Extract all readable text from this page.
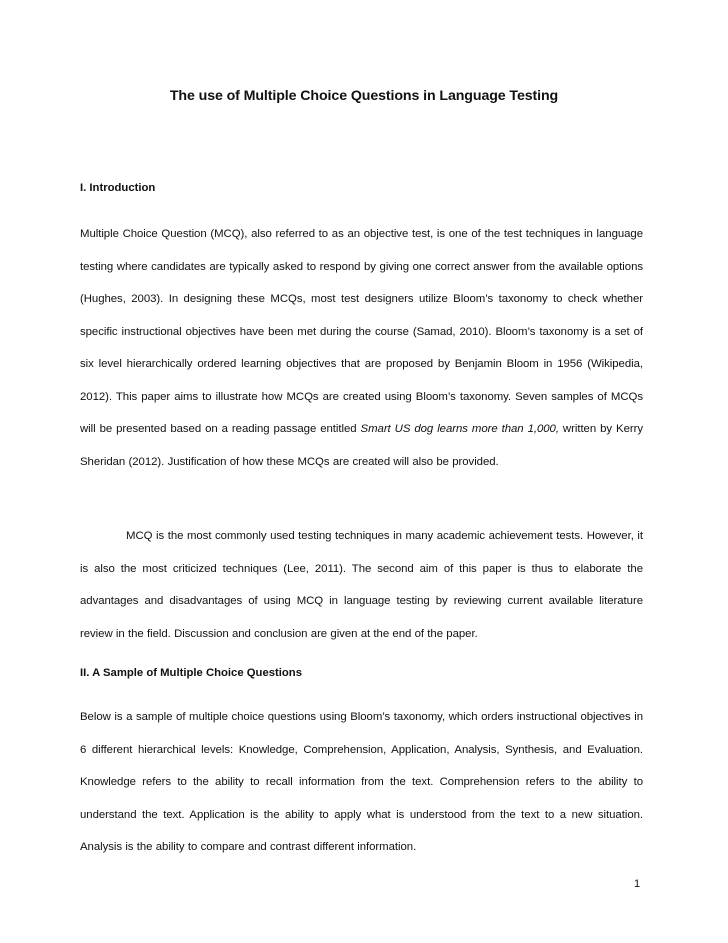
The use of Multiple Choice Questions in Language Testing
I. Introduction

Multiple Choice Question (MCQ), also referred to as an objective test, is one of the test techniques in language testing where candidates are typically asked to respond by giving one correct answer from the available options (Hughes, 2003). In designing these MCQs, most test designers utilize Bloom’s taxonomy to check whether specific instructional objectives have been met during the course (Samad, 2010). Bloom’s taxonomy is a set of six level hierarchically ordered learning objectives that are proposed by Benjamin Bloom in 1956 (Wikipedia, 2012). This paper aims to illustrate how MCQs are created using Bloom’s taxonomy. Seven samples of MCQs will be presented based on a reading passage entitled Smart US dog learns more than 1,000, written by Kerry Sheridan (2012). Justification of how these MCQs are created will also be provided.

MCQ is the most commonly used testing techniques in many academic achievement tests. However, it is also the most criticized techniques (Lee, 2011). The second aim of this paper is thus to elaborate the advantages and disadvantages of using MCQ in language testing by reviewing current available literature review in the field. Discussion and conclusion are given at the end of the paper.

II. A Sample of Multiple Choice Questions

Below is a sample of multiple choice questions using Bloom’s taxonomy, which orders instructional objectives in 6 different hierarchical levels: Knowledge, Comprehension, Application, Analysis, Synthesis, and Evaluation. Knowledge refers to the ability to recall information from the text. Comprehension refers to the ability to understand the text. Application is the ability to apply what is understood from the text to a new situation. Analysis is the ability to compare and contrast different information.

1
